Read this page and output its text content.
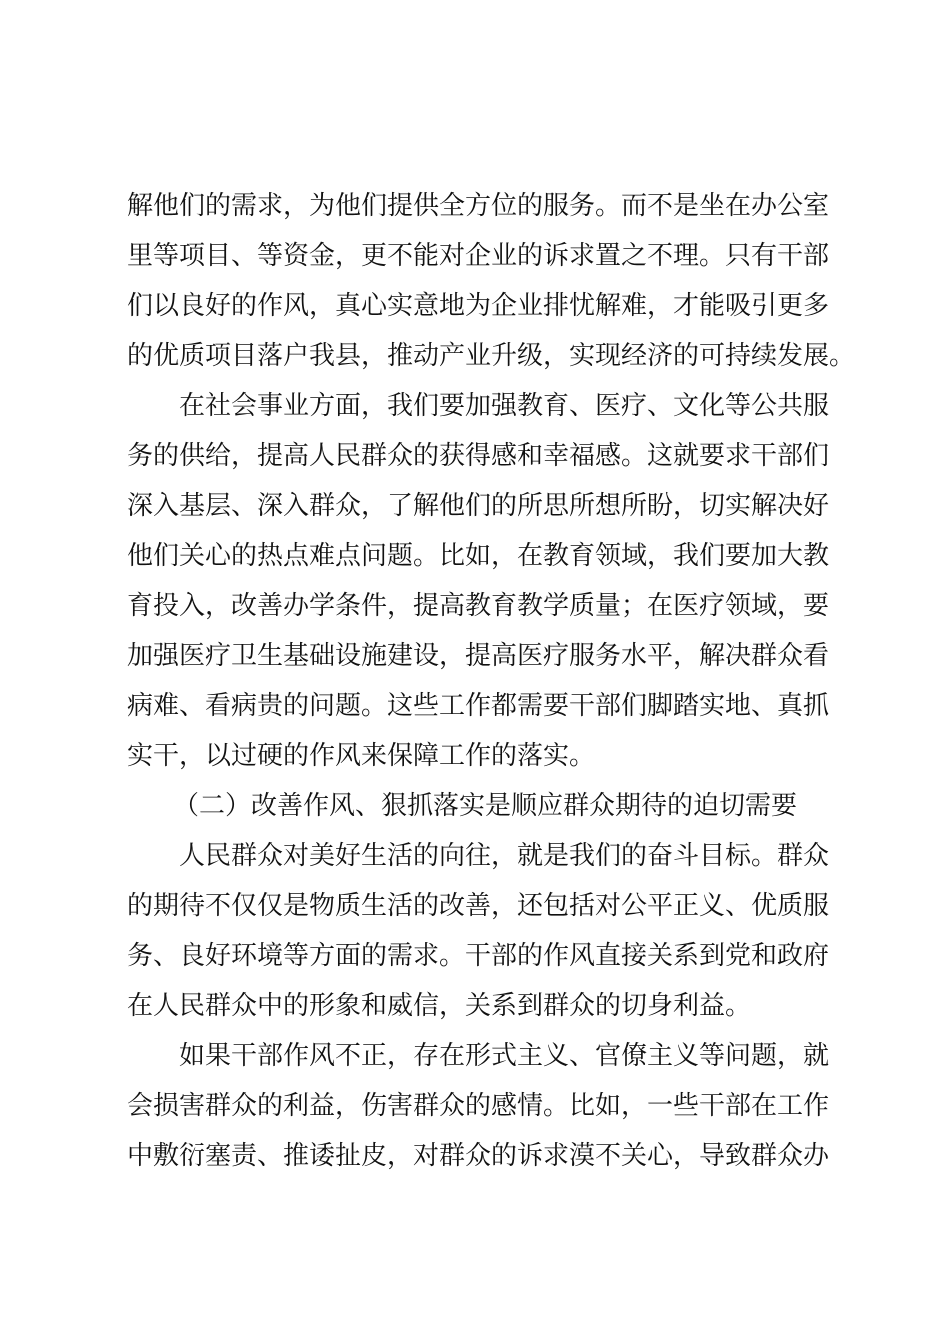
解他们的需求，为他们提供全方位的服务。而不是坐在办公室
里等项目、等资金，更不能对企业的诉求置之不理。只有干部
们以良好的作风，真心实意地为企业排忧解难，才能吸引更多
的优质项目落户我县，推动产业升级，实现经济的可持续发展。
在社会事业方面，我们要加强教育、医疗、文化等公共服
务的供给，提高人民群众的获得感和幸福感。这就要求干部们
深入基层、深入群众，了解他们的所思所想所盼，切实解决好
他们关心的热点难点问题。比如，在教育领域，我们要加大教
育投入，改善办学条件，提高教育教学质量；在医疗领域，要
加强医疗卫生基础设施建设，提高医疗服务水平，解决群众看
病难、看病贵的问题。这些工作都需要干部们脚踏实地、真抓
实干，以过硬的作风来保障工作的落实。
（二）改善作风、狠抓落实是顺应群众期待的迫切需要
人民群众对美好生活的向往，就是我们的奋斗目标。群众
的期待不仅仅是物质生活的改善，还包括对公平正义、优质服
务、良好环境等方面的需求。干部的作风直接关系到党和政府
在人民群众中的形象和威信，关系到群众的切身利益。
如果干部作风不正，存在形式主义、官僚主义等问题，就
会损害群众的利益，伤害群众的感情。比如，一些干部在工作
中敷衍塞责、推诿扯皮，对群众的诉求漠不关心，导致群众办
